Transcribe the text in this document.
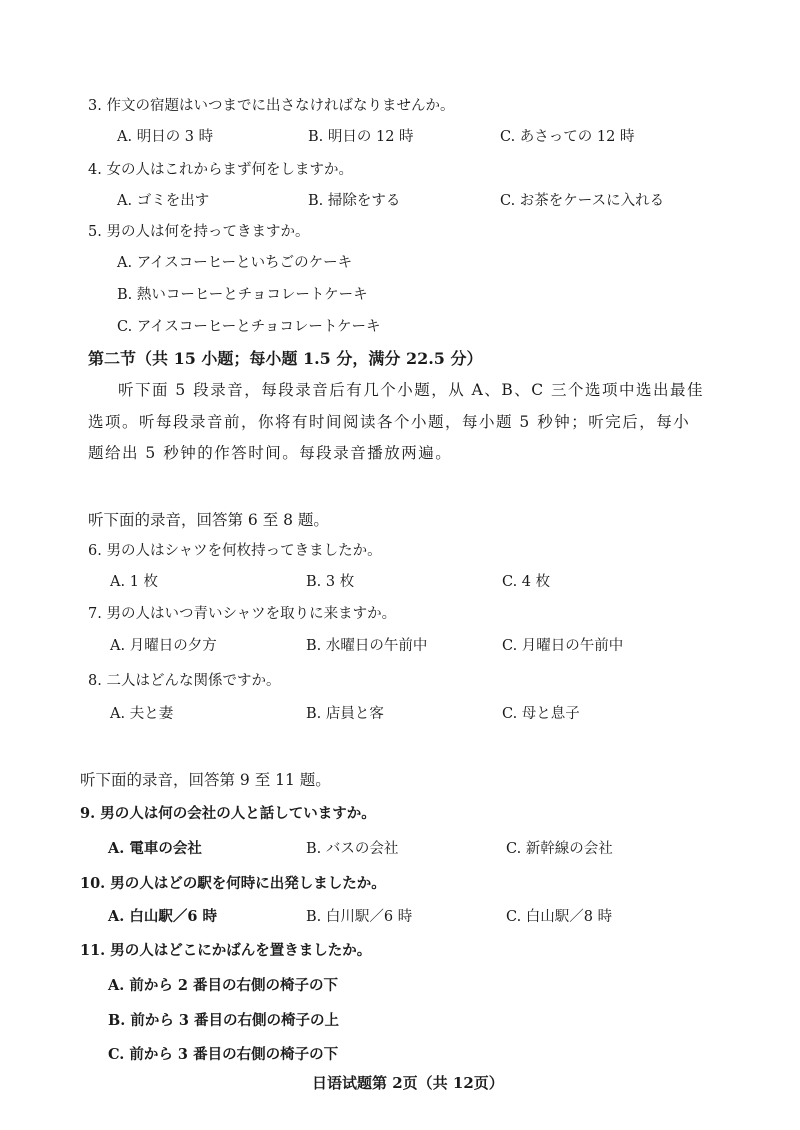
3. 作文の宿題はいつまでに出さなければなりませんか。
A. 明日の 3 時	B. 明日の 12 時	C. あさっての 12 時
4. 女の人はこれからまず何をしますか。
A. ゴミを出す	B. 掃除をする	C. お茶をケースに入れる
5. 男の人は何を持ってきますか。
A. アイスコーヒーといちごのケーキ
B. 熱いコーヒーとチョコレートケーキ
C. アイスコーヒーとチョコレートケーキ
第二节（共 15 小题；每小题 1.5 分，满分 22.5 分）
听下面 5 段录音，每段录音后有几个小题，从 A、B、C 三个选项中选出最佳
选项。听每段录音前，你将有时间阅读各个小题，每小题 5 秒钟；听完后，每小
题给出 5 秒钟的作答时间。每段录音播放两遍。
听下面的录音，回答第 6 至 8 题。
6. 男の人はシャツを何枚持ってきましたか。
A. 1 枚	B. 3 枚	C. 4 枚
7. 男の人はいつ青いシャツを取りに来ますか。
A. 月曜日の夕方	B. 水曜日の午前中	C. 月曜日の午前中
8. 二人はどんな関係ですか。
A. 夫と妻	B. 店員と客	C. 母と息子
听下面的录音，回答第 9 至 11 题。
9. 男の人は何の会社の人と話していますか。
A. 電車の会社	B. バスの会社	C. 新幹線の会社
10. 男の人はどの駅を何時に出発しましたか。
A. 白山駅／6 時	B. 白川駅／6 時	C. 白山駅／8 時
11. 男の人はどこにかばんを置きましたか。
A. 前から 2 番目の右側の椅子の下
B. 前から 3 番目の右側の椅子の上
C. 前から 3 番目の右側の椅子の下
日语试题第 2页（共 12页）
